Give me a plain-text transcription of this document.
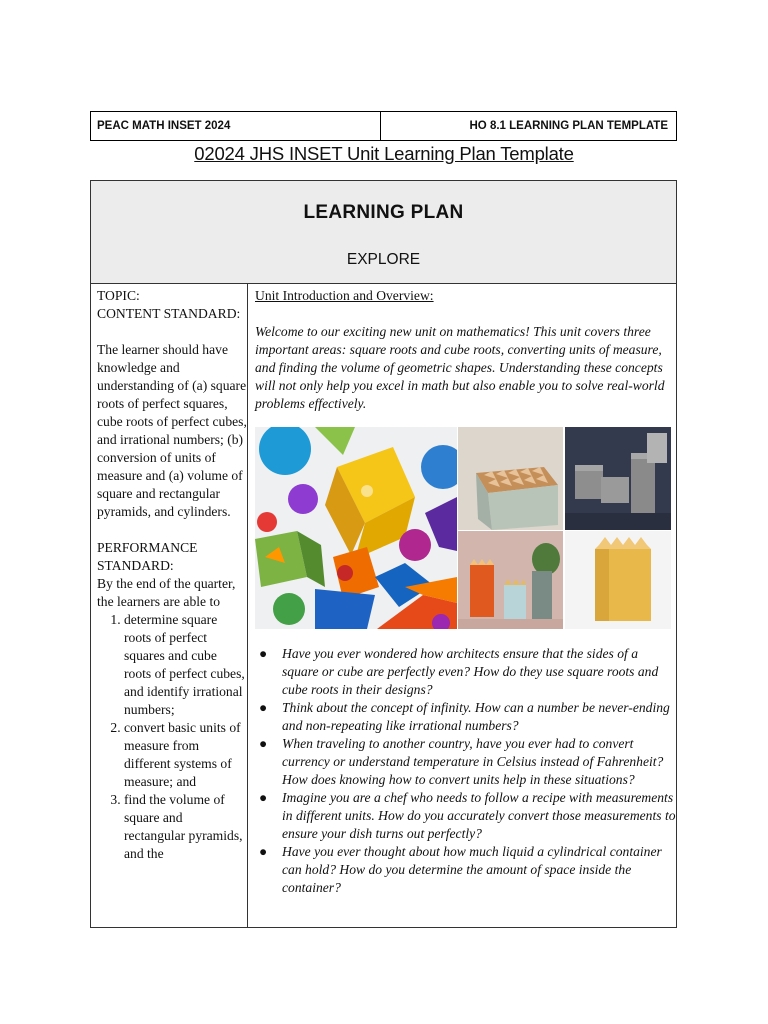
PEAC MATH INSET 2024	HO 8.1 LEARNING PLAN TEMPLATE
02024 JHS INSET Unit Learning Plan Template
LEARNING PLAN
EXPLORE

TOPIC:

CONTENT STANDARD:

The learner should have knowledge and understanding of (a) square roots of perfect squares, cube roots of perfect cubes, and irrational numbers; (b) conversion of units of measure and (a) volume of square and rectangular pyramids, and cylinders.

PERFORMANCE STANDARD:

By the end of the quarter, the learners are able to

1. determine square roots of perfect squares and cube roots of perfect cubes, and identify irrational numbers;
2. convert basic units of measure from different systems of measure; and
3. find the volume of square and rectangular pyramids, and the

Unit Introduction and Overview:

Welcome to our exciting new unit on mathematics! This unit covers three important areas: square roots and cube roots, converting units of measure, and finding the volume of geometric shapes. Understanding these concepts will not only help you excel in math but also enable you to solve real-world problems effectively.

● Have you ever wondered how architects ensure that the sides of a square or cube are perfectly even? How do they use square roots and cube roots in their designs?
● Think about the concept of infinity. How can a number be never-ending and non-repeating like irrational numbers?
● When traveling to another country, have you ever had to convert currency or understand temperature in Celsius instead of Fahrenheit? How does knowing how to convert units help in these situations?
● Imagine you are a chef who needs to follow a recipe with measurements in different units. How do you accurately convert those measurements to ensure your dish turns out perfectly?
● Have you ever thought about how much liquid a cylindrical container can hold? How do you determine the amount of space inside the container?
